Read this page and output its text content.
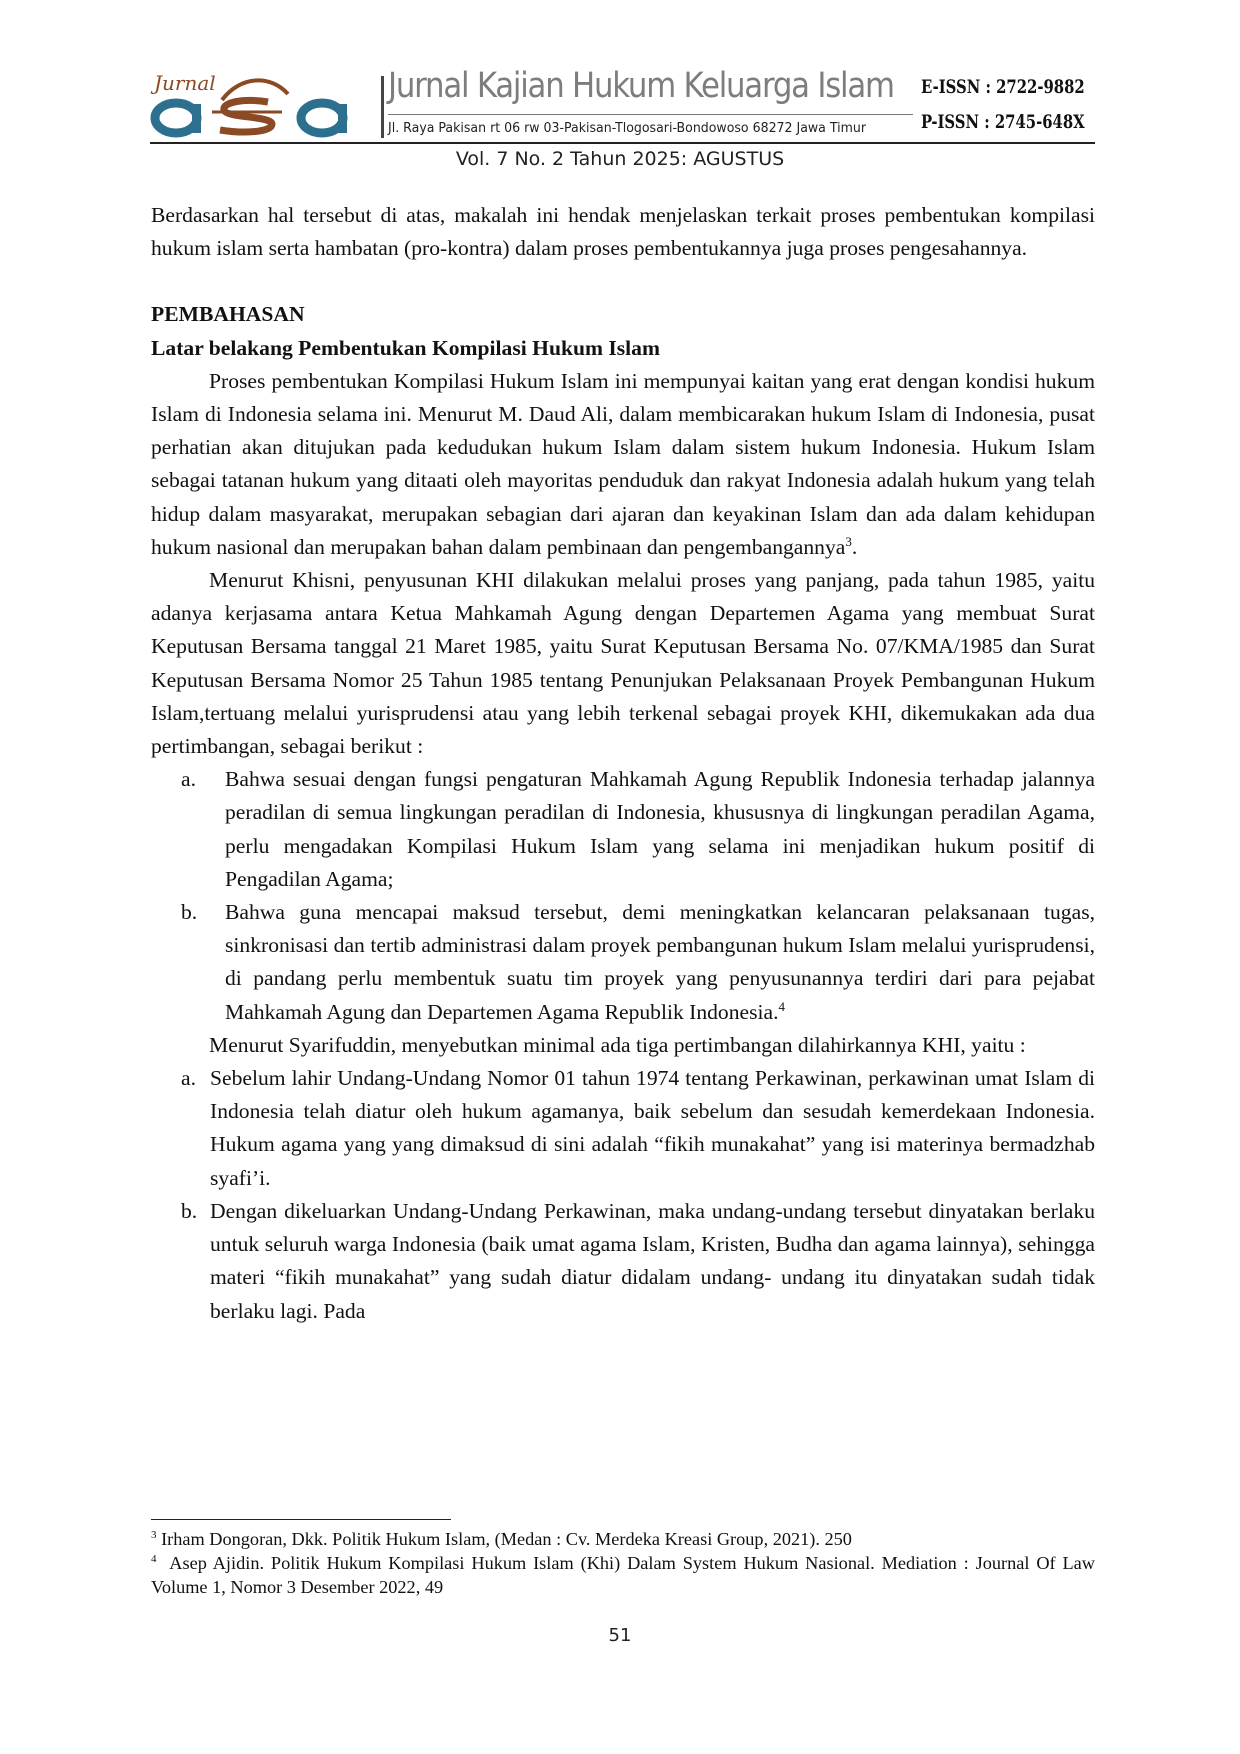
Jurnal
asa	Jurnal Kajian Hukum Keluarga Islam
Jl. Raya Pakisan rt 06 rw 03-Pakisan-Tlogosari-Bondowoso 68272 Jawa Timur
E-ISSN : 2722-9882
P-ISSN : 2745-648X
Vol. 7 No. 2 Tahun 2025: AGUSTUS

Berdasarkan hal tersebut di atas, makalah ini hendak menjelaskan terkait proses pembentukan kompilasi hukum islam serta hambatan (pro-kontra) dalam proses pembentukannya juga proses pengesahannya.

PEMBAHASAN

Latar belakang Pembentukan Kompilasi Hukum Islam

Proses pembentukan Kompilasi Hukum Islam ini mempunyai kaitan yang erat dengan kondisi hukum Islam di Indonesia selama ini. Menurut M. Daud Ali, dalam membicarakan hukum Islam di Indonesia, pusat perhatian akan ditujukan pada kedudukan hukum Islam dalam sistem hukum Indonesia. Hukum Islam sebagai tatanan hukum yang ditaati oleh mayoritas penduduk dan rakyat Indonesia adalah hukum yang telah hidup dalam masyarakat, merupakan sebagian dari ajaran dan keyakinan Islam dan ada dalam kehidupan hukum nasional dan merupakan bahan dalam pembinaan dan pengembangannya$^3$.

Menurut Khisni, penyusunan KHI dilakukan melalui proses yang panjang, pada tahun 1985, yaitu adanya kerjasama antara Ketua Mahkamah Agung dengan Departemen Agama yang membuat Surat Keputusan Bersama tanggal 21 Maret 1985, yaitu Surat Keputusan Bersama No. 07/KMA/1985 dan Surat Keputusan Bersama Nomor 25 Tahun 1985 tentang Penunjukan Pelaksanaan Proyek Pembangunan Hukum Islam,tertuang melalui yurisprudensi atau yang lebih terkenal sebagai proyek KHI, dikemukakan ada dua pertimbangan, sebagai berikut :

a. Bahwa sesuai dengan fungsi pengaturan Mahkamah Agung Republik Indonesia terhadap jalannya peradilan di semua lingkungan peradilan di Indonesia, khususnya di lingkungan peradilan Agama, perlu mengadakan Kompilasi Hukum Islam yang selama ini menjadikan hukum positif di Pengadilan Agama;
b. Bahwa guna mencapai maksud tersebut, demi meningkatkan kelancaran pelaksanaan tugas, sinkronisasi dan tertib administrasi dalam proyek pembangunan hukum Islam melalui yurisprudensi, di pandang perlu membentuk suatu tim proyek yang penyusunannya terdiri dari para pejabat Mahkamah Agung dan Departemen Agama Republik Indonesia.$^4$

Menurut Syarifuddin, menyebutkan minimal ada tiga pertimbangan dilahirkannya KHI, yaitu :

a. Sebelum lahir Undang-Undang Nomor 01 tahun 1974 tentang Perkawinan, perkawinan umat Islam di Indonesia telah diatur oleh hukum agamanya, baik sebelum dan sesudah kemerdekaan Indonesia. Hukum agama yang yang dimaksud di sini adalah “fikih munakahat” yang isi materinya bermadzhab syafi’i.
b. Dengan dikeluarkan Undang-Undang Perkawinan, maka undang-undang tersebut dinyatakan berlaku untuk seluruh warga Indonesia (baik umat agama Islam, Kristen, Budha dan agama lainnya), sehingga materi “fikih munakahat” yang sudah diatur didalam undang- undang itu dinyatakan sudah tidak berlaku lagi. Pada

$^3$ Irham Dongoran, Dkk. Politik Hukum Islam, (Medan : Cv. Merdeka Kreasi Group, 2021). 250

$^4$ Asep Ajidin. Politik Hukum Kompilasi Hukum Islam (Khi) Dalam System Hukum Nasional. Mediation : Journal Of Law Volume 1, Nomor 3 Desember 2022, 49

51
